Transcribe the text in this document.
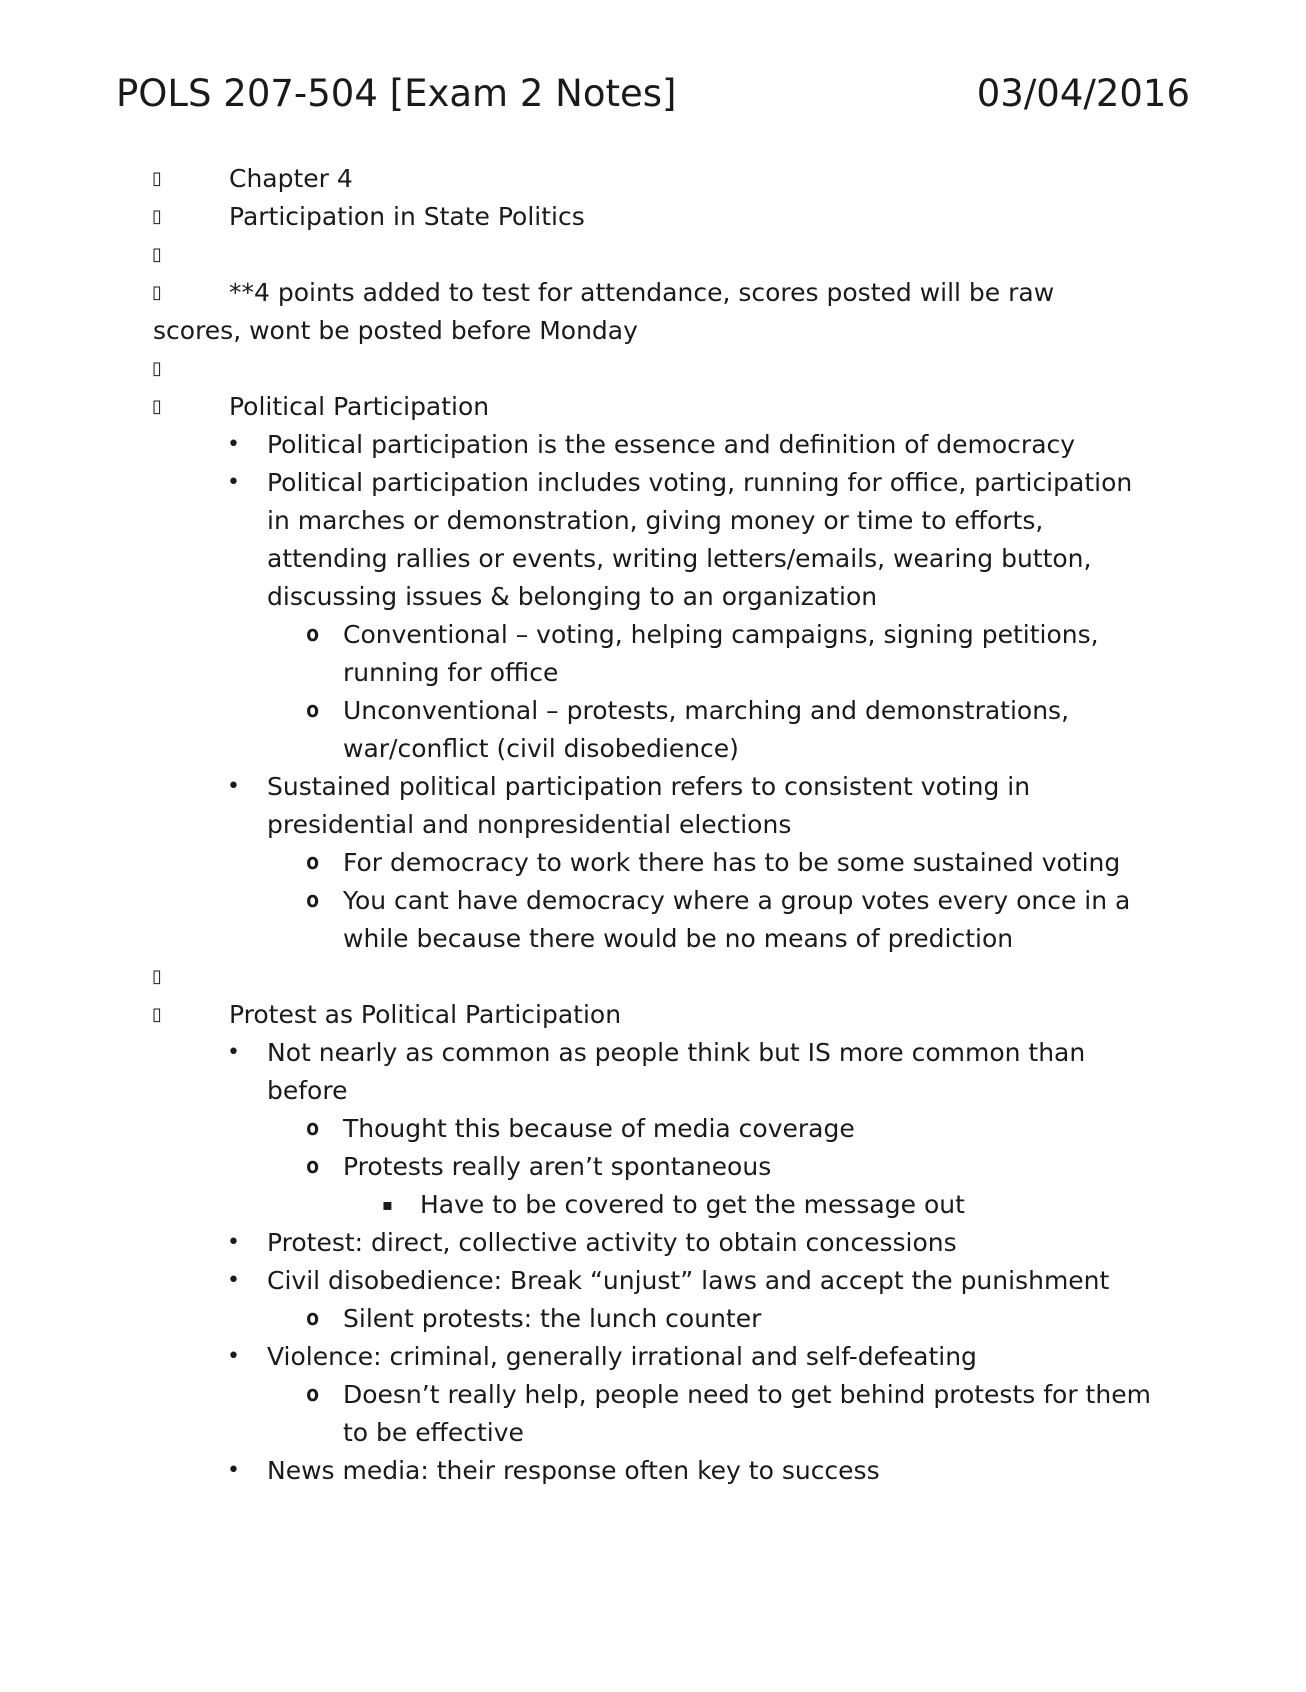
POLS 207-504 [Exam 2 Notes]	03/04/2016
▯	Chapter 4
▯	Participation in State Politics
▯
▯	**4 points added to test for attendance, scores posted will be raw scores, wont be posted before Monday
▯
▯	Political Participation
• Political participation is the essence and definition of democracy
• Political participation includes voting, running for office, participation in marches or demonstration, giving money or time to efforts, attending rallies or events, writing letters/emails, wearing button, discussing issues & belonging to an organization
o Conventional – voting, helping campaigns, signing petitions, running for office
o Unconventional – protests, marching and demonstrations, war/conflict (civil disobedience)
• Sustained political participation refers to consistent voting in presidential and nonpresidential elections
o For democracy to work there has to be some sustained voting
o You cant have democracy where a group votes every once in a while because there would be no means of prediction
▯
▯	Protest as Political Participation
• Not nearly as common as people think but IS more common than before
o Thought this because of media coverage
o Protests really aren’t spontaneous
▪ Have to be covered to get the message out
• Protest: direct, collective activity to obtain concessions
• Civil disobedience: Break “unjust” laws and accept the punishment
o Silent protests: the lunch counter
• Violence: criminal, generally irrational and self-defeating
o Doesn’t really help, people need to get behind protests for them to be effective
• News media: their response often key to success
